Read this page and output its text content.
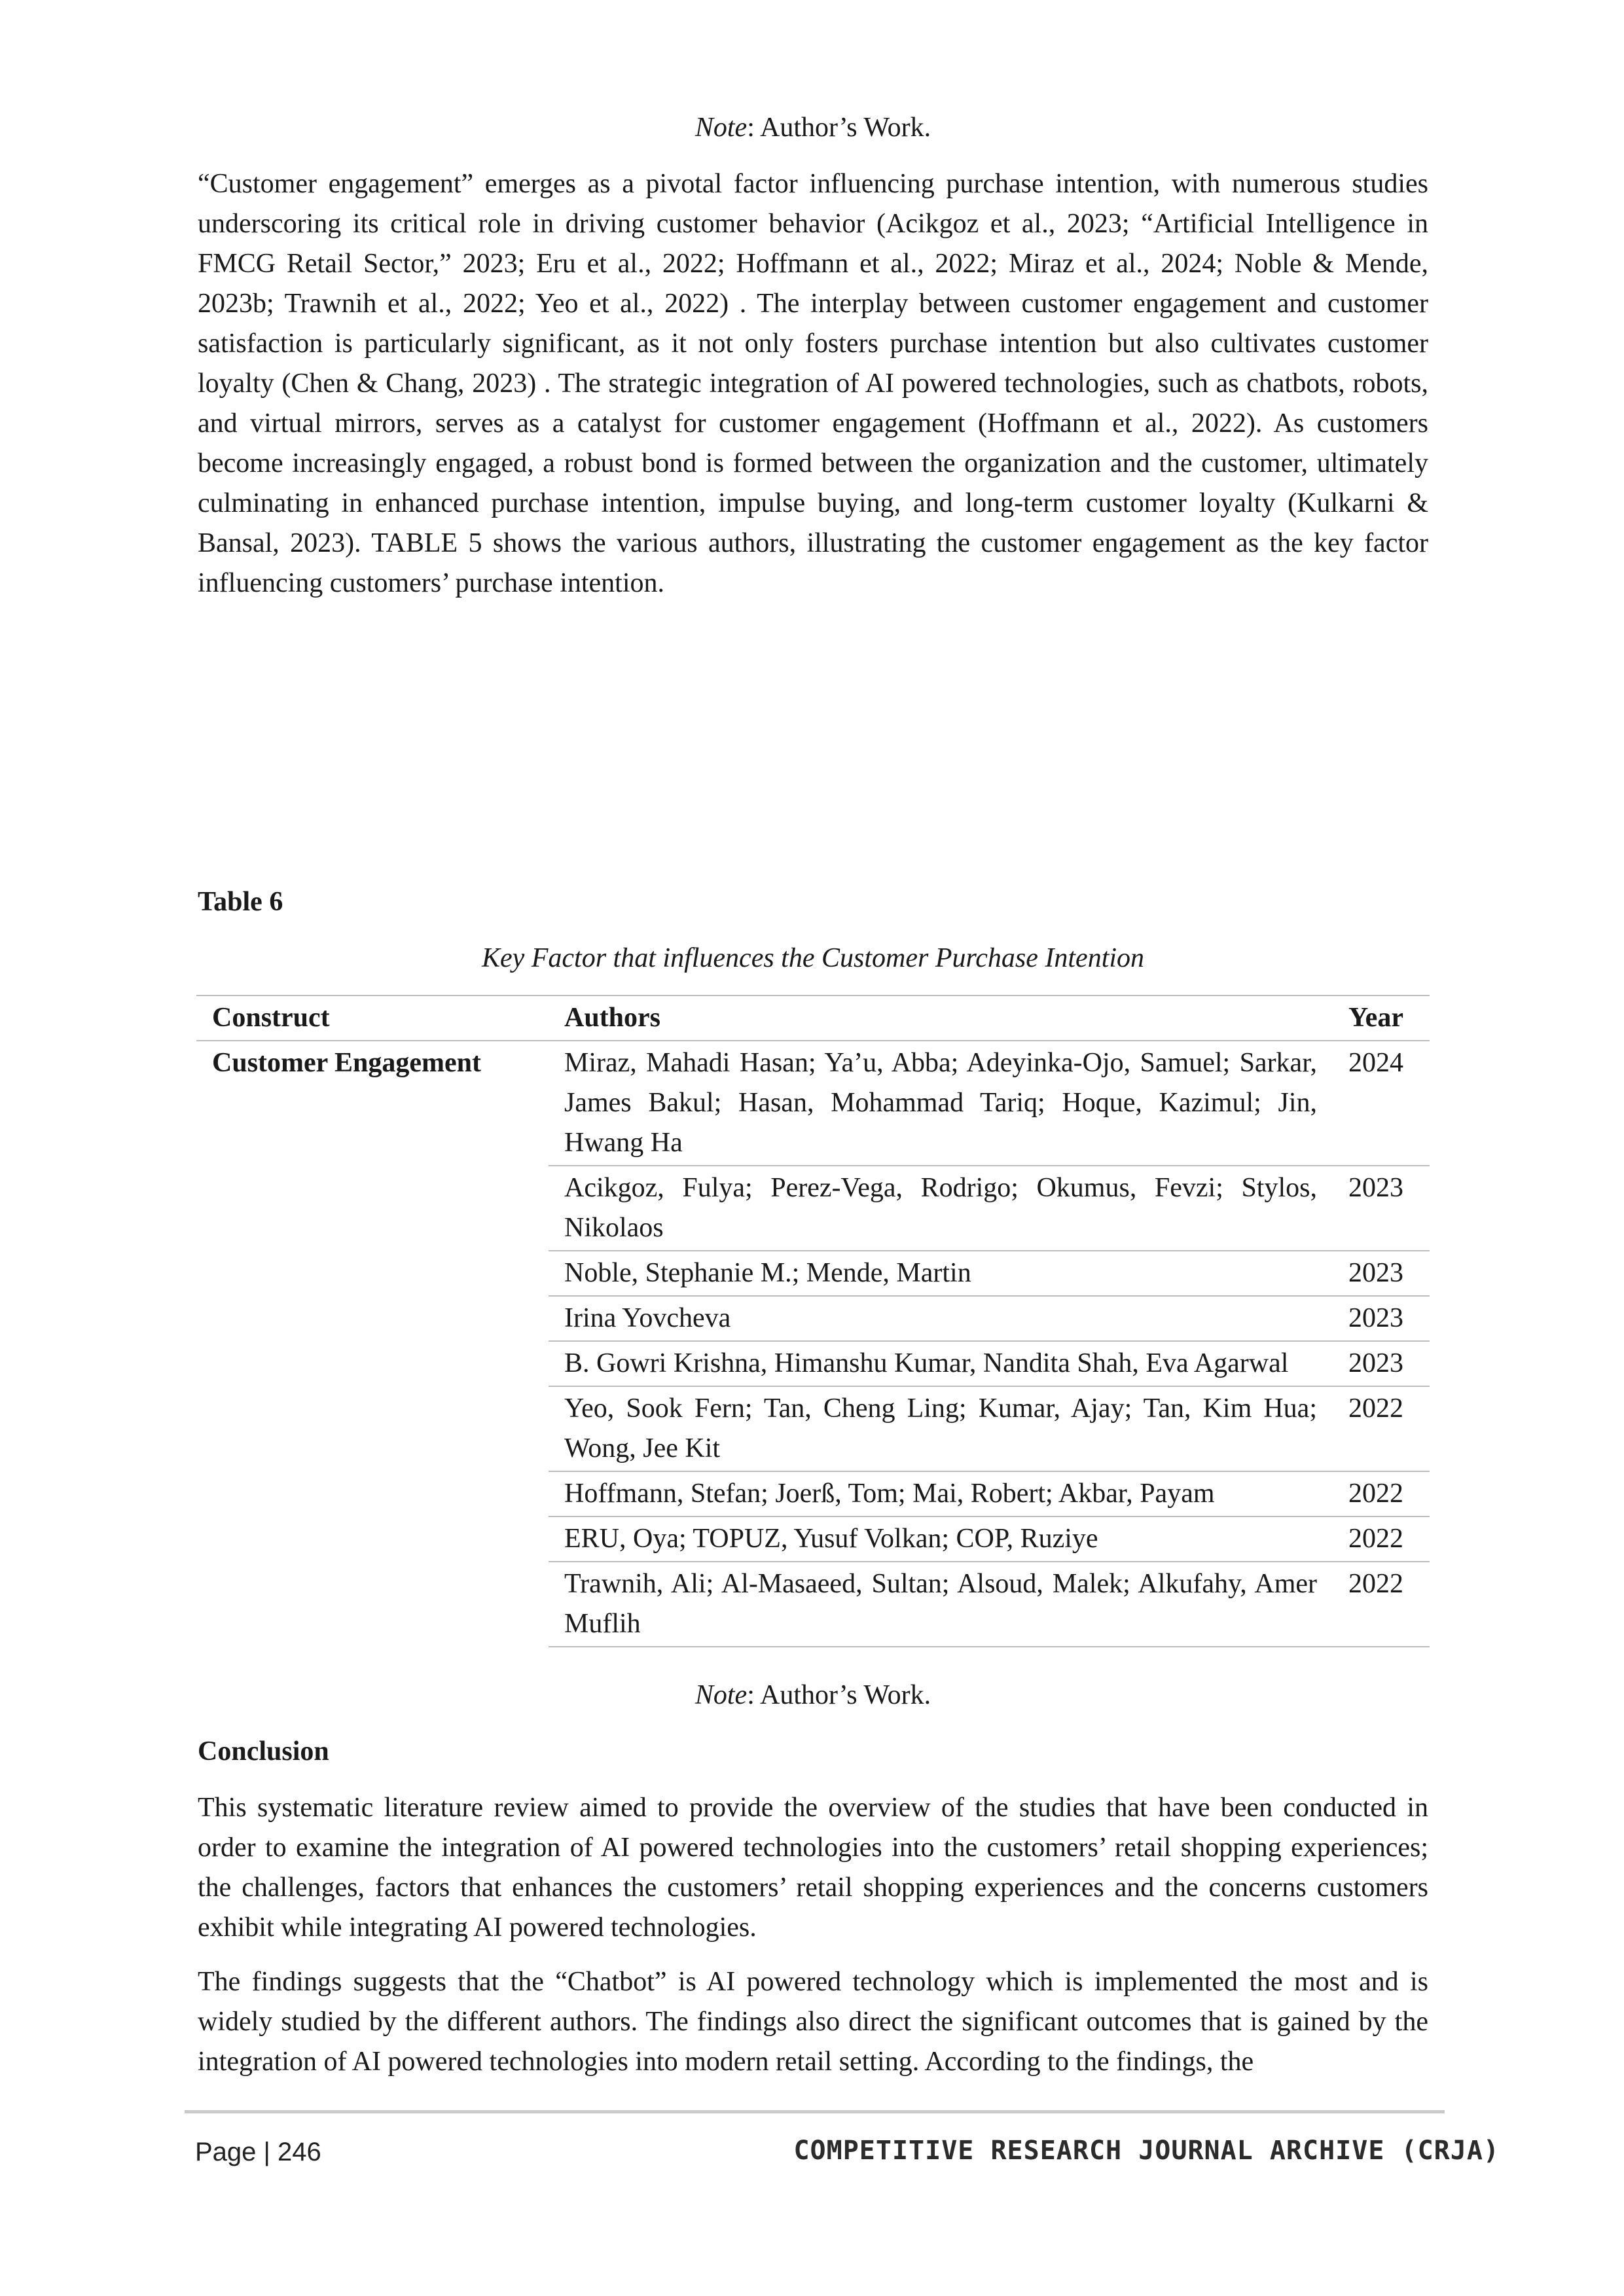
Note: Author’s Work.

“Customer engagement” emerges as a pivotal factor influencing purchase intention, with numerous studies underscoring its critical role in driving customer behavior (Acikgoz et al., 2023; “Artificial Intelligence in FMCG Retail Sector,” 2023; Eru et al., 2022; Hoffmann et al., 2022; Miraz et al., 2024; Noble & Mende, 2023b; Trawnih et al., 2022; Yeo et al., 2022) . The interplay between customer engagement and customer satisfaction is particularly significant, as it not only fosters purchase intention but also cultivates customer loyalty (Chen & Chang, 2023) . The strategic integration of AI powered technologies, such as chatbots, robots, and virtual mirrors, serves as a catalyst for customer engagement (Hoffmann et al., 2022). As customers become increasingly engaged, a robust bond is formed between the organization and the customer, ultimately culminating in enhanced purchase intention, impulse buying, and long-term customer loyalty (Kulkarni & Bansal, 2023). TABLE 5 shows the various authors, illustrating the customer engagement as the key factor influencing customers’ purchase intention.

Table 6
Key Factor that influences the Customer Purchase Intention
Construct	Authors	Year
Customer Engagement	Miraz, Mahadi Hasan; Ya’u, Abba; Adeyinka-Ojo, Samuel; Sarkar, James Bakul; Hasan, Mohammad Tariq; Hoque, Kazimul; Jin, Hwang Ha	2024
	Acikgoz, Fulya; Perez-Vega, Rodrigo; Okumus, Fevzi; Stylos, Nikolaos	2023
	Noble, Stephanie M.; Mende, Martin	2023
	Irina Yovcheva	2023
	B. Gowri Krishna, Himanshu Kumar, Nandita Shah, Eva Agarwal	2023
	Yeo, Sook Fern; Tan, Cheng Ling; Kumar, Ajay; Tan, Kim Hua; Wong, Jee Kit	2022
	Hoffmann, Stefan; Joerß, Tom; Mai, Robert; Akbar, Payam	2022
	ERU, Oya; TOPUZ, Yusuf Volkan; COP, Ruziye	2022
	Trawnih, Ali; Al-Masaeed, Sultan; Alsoud, Malek; Alkufahy, Amer Muflih	2022
Note: Author’s Work.
Conclusion

This systematic literature review aimed to provide the overview of the studies that have been conducted in order to examine the integration of AI powered technologies into the customers’ retail shopping experiences; the challenges, factors that enhances the customers’ retail shopping experiences and the concerns customers exhibit while integrating AI powered technologies.

The findings suggests that the “Chatbot” is AI powered technology which is implemented the most and is widely studied by the different authors. The findings also direct the significant outcomes that is gained by the integration of AI powered technologies into modern retail setting. According to the findings, the

Page | 246	COMPETITIVE RESEARCH JOURNAL ARCHIVE (CRJA)
